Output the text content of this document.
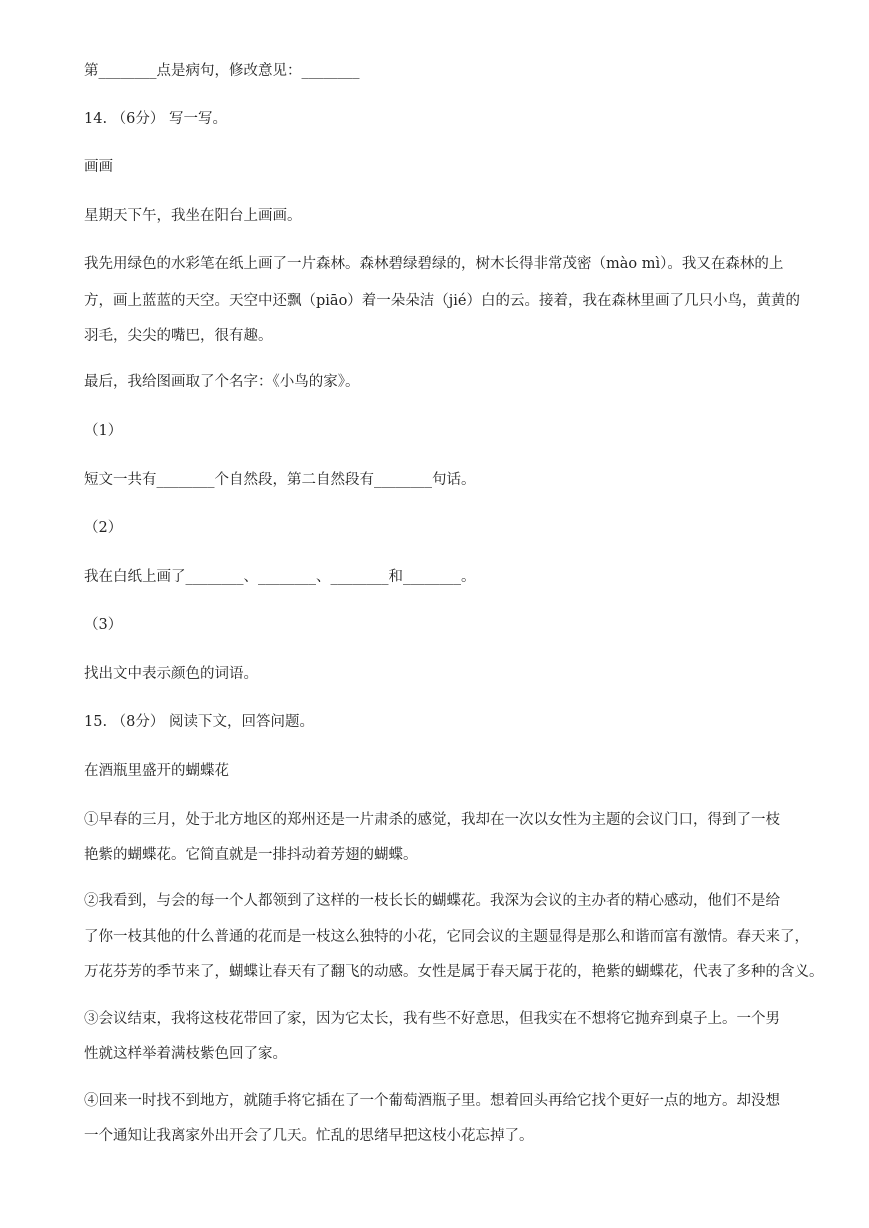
第________点是病句，修改意见：________
14. （6分） 写一写。
画画
星期天下午，我坐在阳台上画画。
我先用绿色的水彩笔在纸上画了一片森林。森林碧绿碧绿的，树木长得非常茂密（mào mì）。我又在森林的上
方，画上蓝蓝的天空。天空中还飘（piāo）着一朵朵洁（jié）白的云。接着，我在森林里画了几只小鸟，黄黄的
羽毛，尖尖的嘴巴，很有趣。
最后，我给图画取了个名字：《小鸟的家》。
（1）
短文一共有________个自然段，第二自然段有________句话。
（2）
我在白纸上画了________、________、________和________。
（3）
找出文中表示颜色的词语。
15. （8分） 阅读下文，回答问题。
在酒瓶里盛开的蝴蝶花
①早春的三月，处于北方地区的郑州还是一片肃杀的感觉，我却在一次以女性为主题的会议门口，得到了一枝
艳紫的蝴蝶花。它简直就是一排抖动着芳翅的蝴蝶。
②我看到，与会的每一个人都领到了这样的一枝长长的蝴蝶花。我深为会议的主办者的精心感动，他们不是给
了你一枝其他的什么普通的花而是一枝这么独特的小花，它同会议的主题显得是那么和谐而富有激情。春天来了，
万花芬芳的季节来了，蝴蝶让春天有了翻飞的动感。女性是属于春天属于花的，艳紫的蝴蝶花，代表了多种的含义。
③会议结束，我将这枝花带回了家，因为它太长，我有些不好意思，但我实在不想将它抛弃到桌子上。一个男
性就这样举着满枝紫色回了家。
④回来一时找不到地方，就随手将它插在了一个葡萄酒瓶子里。想着回头再给它找个更好一点的地方。却没想
一个通知让我离家外出开会了几天。忙乱的思绪早把这枝小花忘掉了。
